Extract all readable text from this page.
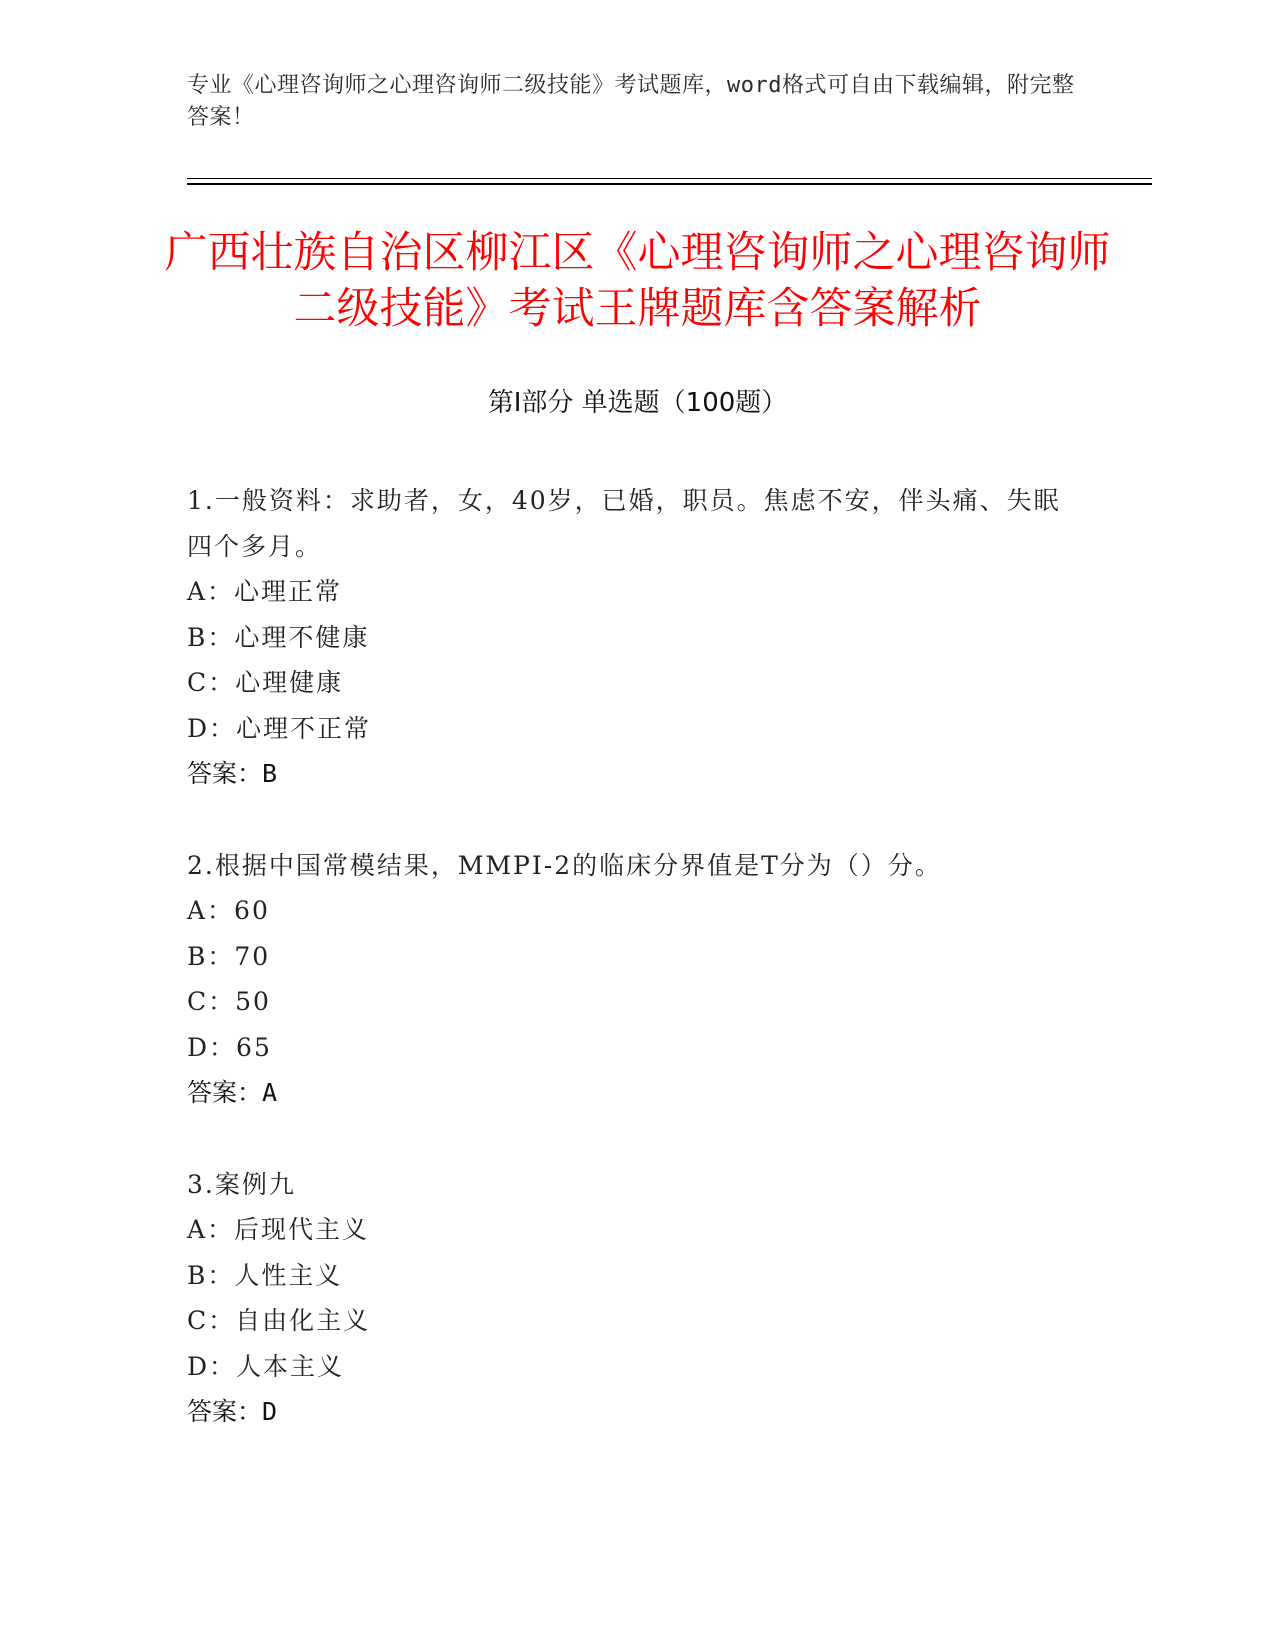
专业《心理咨询师之心理咨询师二级技能》考试题库，word格式可自由下载编辑，附完整答案！
广西壮族自治区柳江区《心理咨询师之心理咨询师二级技能》考试王牌题库含答案解析
第Ⅰ部分 单选题（100题）
1.一般资料：求助者，女，40岁，已婚，职员。焦虑不安，伴头痛、失眠四个多月。
A：心理正常
B：心理不健康
C：心理健康
D：心理不正常
答案：B
2.根据中国常模结果，MMPI-2的临床分界值是T分为（）分。
A：60
B：70
C：50
D：65
答案：A
3.案例九
A：后现代主义
B：人性主义
C：自由化主义
D：人本主义
答案：D
